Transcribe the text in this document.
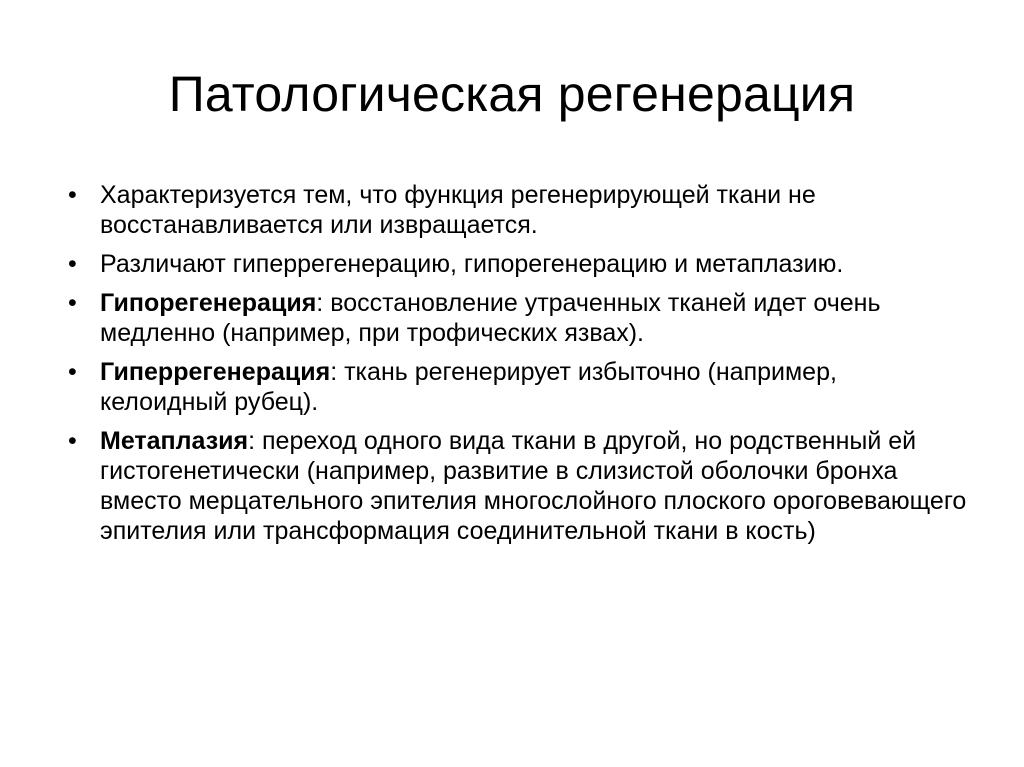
Патологическая регенерация
• Характеризуется тем, что функция регенерирующей ткани не восстанавливается или извращается.
• Различают гиперрегенерацию, гипорегенерацию и метаплазию.
• Гипорегенерация: восстановление утраченных тканей идет очень медленно (например, при трофических язвах).
• Гиперрегенерация: ткань регенерирует избыточно (например, келоидный рубец).
• Метаплазия: переход одного вида ткани в другой, но родственный ей гистогенетически (например, развитие в слизистой оболочки бронха вместо мерцательного эпителия многослойного плоского ороговевающего эпителия или трансформация соединительной ткани в кость)
